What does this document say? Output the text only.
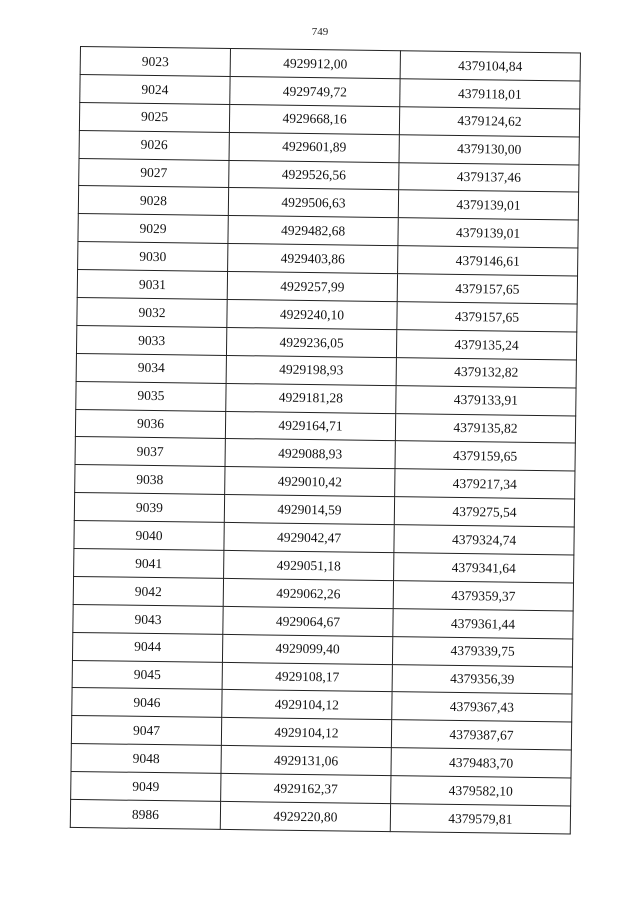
749
9023	4929912,00	4379104,84
9024	4929749,72	4379118,01
9025	4929668,16	4379124,62
9026	4929601,89	4379130,00
9027	4929526,56	4379137,46
9028	4929506,63	4379139,01
9029	4929482,68	4379139,01
9030	4929403,86	4379146,61
9031	4929257,99	4379157,65
9032	4929240,10	4379157,65
9033	4929236,05	4379135,24
9034	4929198,93	4379132,82
9035	4929181,28	4379133,91
9036	4929164,71	4379135,82
9037	4929088,93	4379159,65
9038	4929010,42	4379217,34
9039	4929014,59	4379275,54
9040	4929042,47	4379324,74
9041	4929051,18	4379341,64
9042	4929062,26	4379359,37
9043	4929064,67	4379361,44
9044	4929099,40	4379339,75
9045	4929108,17	4379356,39
9046	4929104,12	4379367,43
9047	4929104,12	4379387,67
9048	4929131,06	4379483,70
9049	4929162,37	4379582,10
8986	4929220,80	4379579,81
